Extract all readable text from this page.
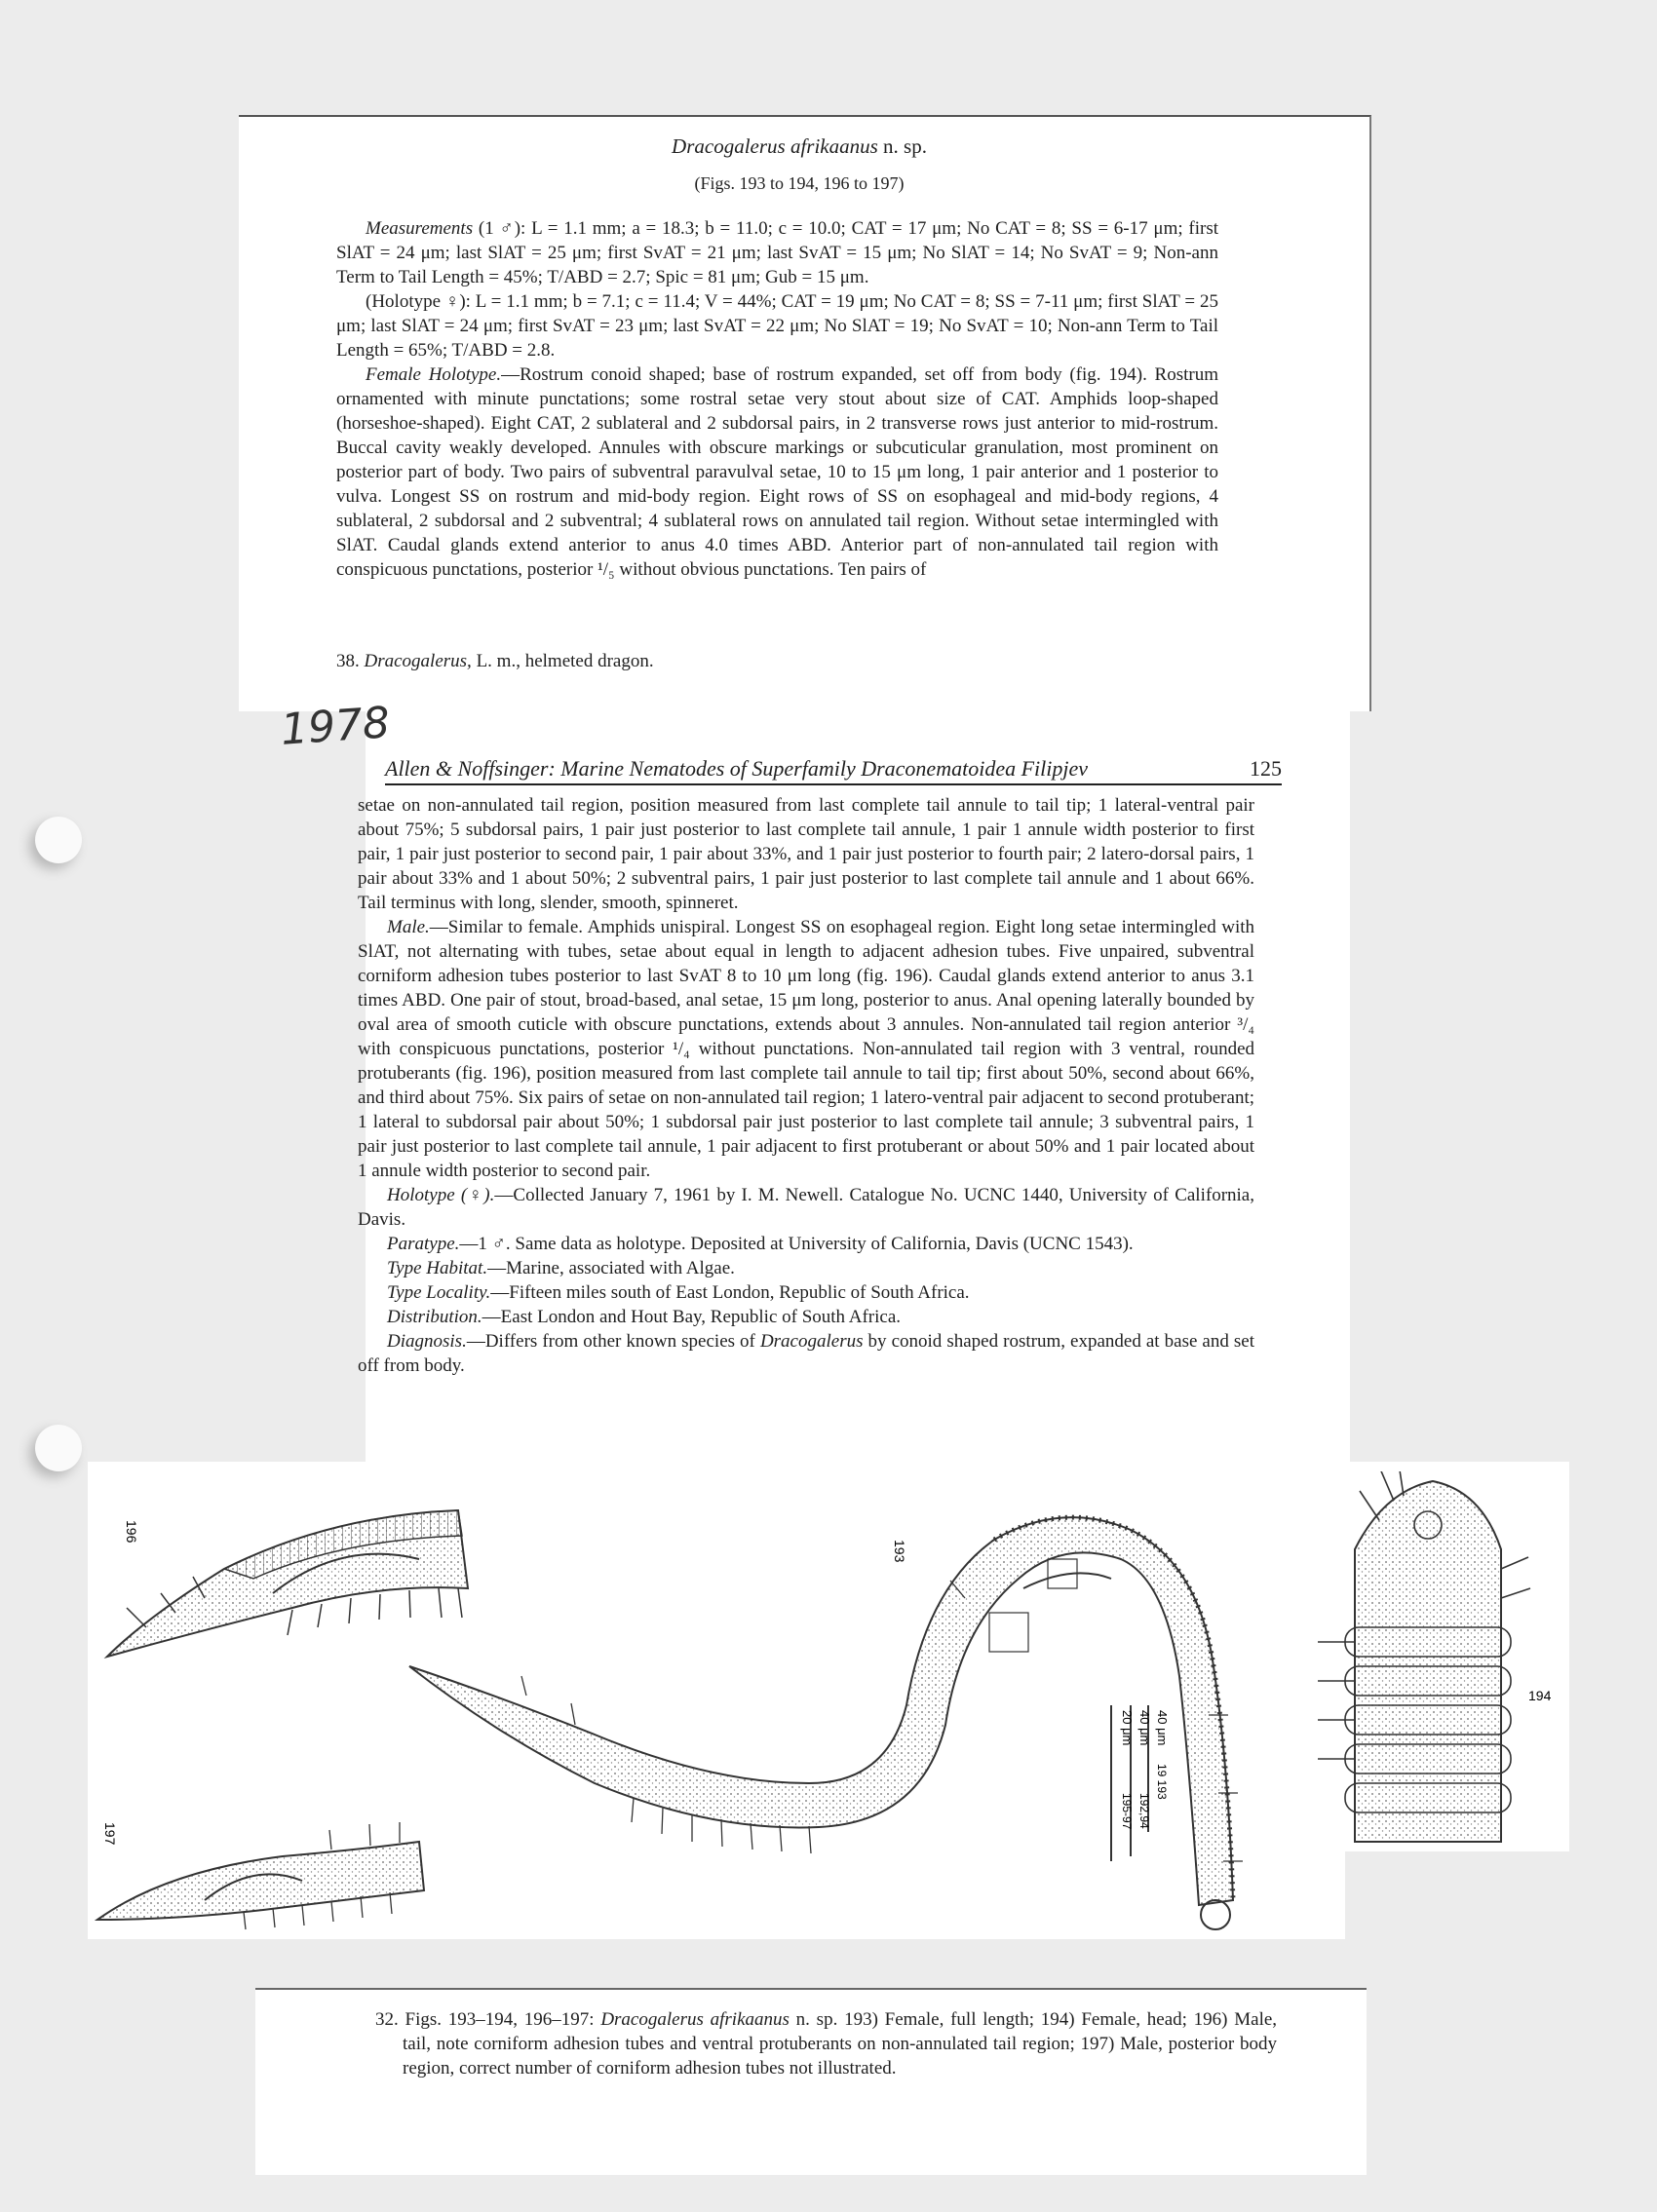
Dracogalerus afrikaanus n. sp.

(Figs. 193 to 194, 196 to 197)

Measurements (1 ♂): L = 1.1 mm; a = 18.3; b = 11.0; c = 10.0; CAT = 17 μm; No CAT = 8; SS = 6-17 μm; first SlAT = 24 μm; last SlAT = 25 μm; first SvAT = 21 μm; last SvAT = 15 μm; No SlAT = 14; No SvAT = 9; Non-ann Term to Tail Length = 45%; T/ABD = 2.7; Spic = 81 μm; Gub = 15 μm.

(Holotype ♀): L = 1.1 mm; b = 7.1; c = 11.4; V = 44%; CAT = 19 μm; No CAT = 8; SS = 7-11 μm; first SlAT = 25 μm; last SlAT = 24 μm; first SvAT = 23 μm; last SvAT = 22 μm; No SlAT = 19; No SvAT = 10; Non-ann Term to Tail Length = 65%; T/ABD = 2.8.

Female Holotype.—Rostrum conoid shaped; base of rostrum expanded, set off from body (fig. 194). Rostrum ornamented with minute punctations; some rostral setae very stout about size of CAT. Amphids loop-shaped (horseshoe-shaped). Eight CAT, 2 sublateral and 2 subdorsal pairs, in 2 transverse rows just anterior to mid-rostrum. Buccal cavity weakly developed. Annules with obscure markings or subcuticular granulation, most prominent on posterior part of body. Two pairs of subventral paravulval setae, 10 to 15 μm long, 1 pair anterior and 1 posterior to vulva. Longest SS on rostrum and mid-body region. Eight rows of SS on esophageal and mid-body regions, 4 sublateral, 2 subdorsal and 2 subventral; 4 sublateral rows on annulated tail region. Without setae intermingled with SlAT. Caudal glands extend anterior to anus 4.0 times ABD. Anterior part of non-annulated tail region with conspicuous punctations, posterior ¹/₅ without obvious punctations. Ten pairs of

38. Dracogalerus, L. m., helmeted dragon.

1978
Allen & Noffsinger: Marine Nematodes of Superfamily Draconematoidea Filipjev	125

setae on non-annulated tail region, position measured from last complete tail annule to tail tip; 1 lateral-ventral pair about 75%; 5 subdorsal pairs, 1 pair just posterior to last complete tail annule, 1 pair 1 annule width posterior to first pair, 1 pair just posterior to second pair, 1 pair about 33%, and 1 pair just posterior to fourth pair; 2 latero-dorsal pairs, 1 pair about 33% and 1 about 50%; 2 subventral pairs, 1 pair just posterior to last complete tail annule and 1 about 66%. Tail terminus with long, slender, smooth, spinneret.

Male.—Similar to female. Amphids unispiral. Longest SS on esophageal region. Eight long setae intermingled with SlAT, not alternating with tubes, setae about equal in length to adjacent adhesion tubes. Five unpaired, subventral corniform adhesion tubes posterior to last SvAT 8 to 10 μm long (fig. 196). Caudal glands extend anterior to anus 3.1 times ABD. One pair of stout, broad-based, anal setae, 15 μm long, posterior to anus. Anal opening laterally bounded by oval area of smooth cuticle with obscure punctations, extends about 3 annules. Non-annulated tail region anterior ³/₄ with conspicuous punctations, posterior ¹/₄ without punctations. Non-annulated tail region with 3 ventral, rounded protuberants (fig. 196), position measured from last complete tail annule to tail tip; first about 50%, second about 66%, and third about 75%. Six pairs of setae on non-annulated tail region; 1 latero-ventral pair adjacent to second protuberant; 1 lateral to subdorsal pair about 50%; 1 subdorsal pair just posterior to last complete tail annule; 3 subventral pairs, 1 pair just posterior to last complete tail annule, 1 pair adjacent to first protuberant or about 50% and 1 pair located about 1 annule width posterior to second pair.

Holotype (♀).—Collected January 7, 1961 by I. M. Newell. Catalogue No. UCNC 1440, University of California, Davis.

Paratype.—1 ♂. Same data as holotype. Deposited at University of California, Davis (UCNC 1543).

Type Habitat.—Marine, associated with Algae.

Type Locality.—Fifteen miles south of East London, Republic of South Africa.

Distribution.—East London and Hout Bay, Republic of South Africa.

Diagnosis.—Differs from other known species of Dracogalerus by conoid shaped rostrum, expanded at base and set off from body.

196
197
193
40 μm
19 193
40 μm
192,94
20 μm
195-97
194

32. Figs. 193–194, 196–197: Dracogalerus afrikaanus n. sp. 193) Female, full length; 194) Female, head; 196) Male, tail, note corniform adhesion tubes and ventral protuberants on non-annulated tail region; 197) Male, posterior body region, correct number of corniform adhesion tubes not illustrated.
